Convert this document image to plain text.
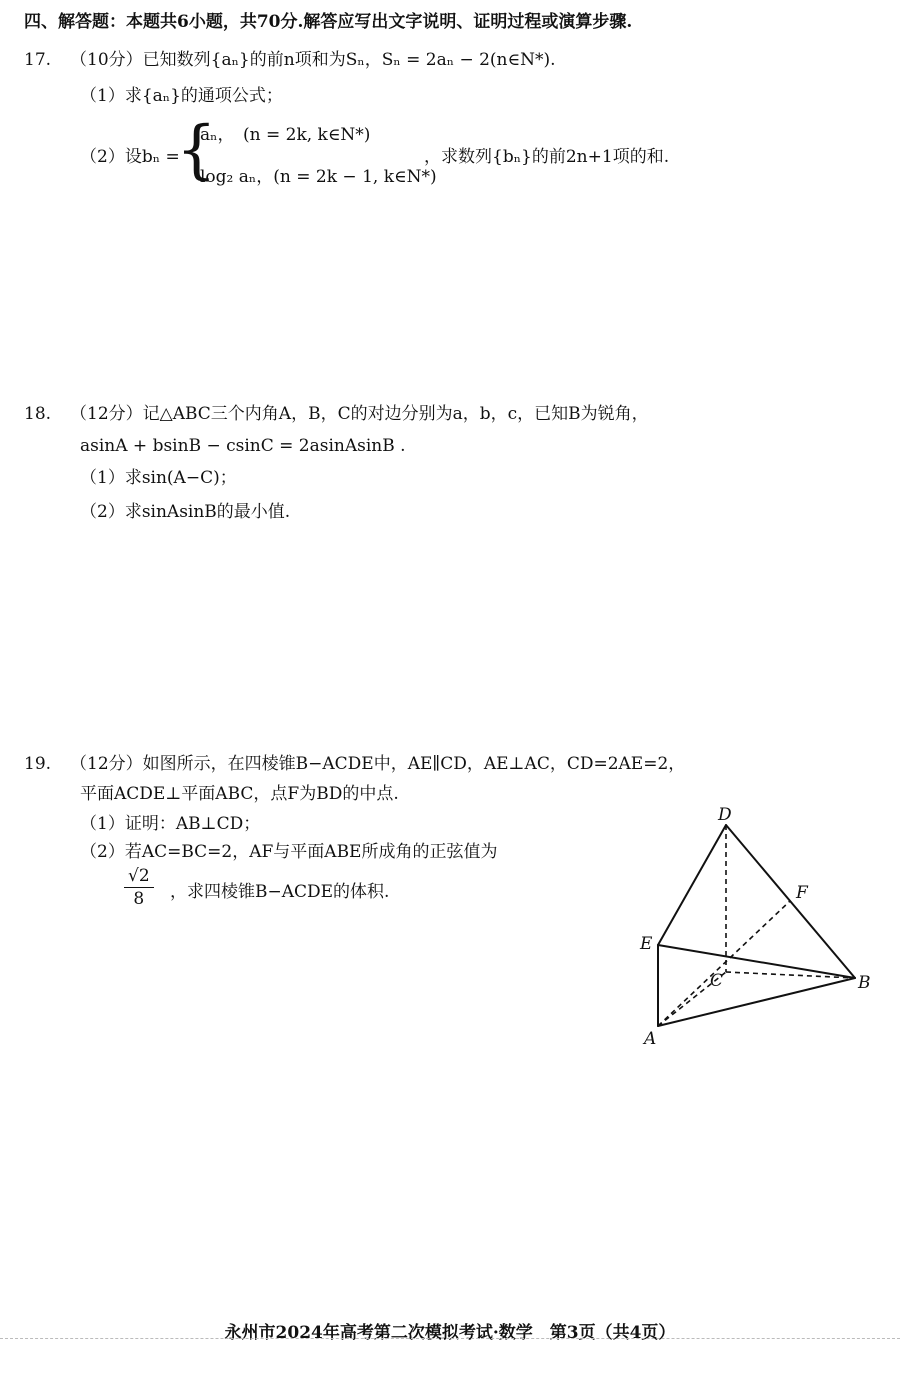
四、解答题：本题共6小题，共70分.解答应写出文字说明、证明过程或演算步骤.
17. （10分）已知数列{aₙ}的前n项和为Sₙ，Sₙ = 2aₙ − 2(n∈N*).
（1）求{aₙ}的通项公式；
（2）设bₙ =
{
aₙ，　(n = 2k, k∈N*)
log₂ aₙ，(n = 2k − 1, k∈N*)
，求数列{bₙ}的前2n+1项的和.
18. （12分）记△ABC三个内角A，B，C的对边分别为a，b，c，已知B为锐角，
asinA + bsinB − csinC = 2asinAsinB .
（1）求sin(A−C)；
（2）求sinAsinB的最小值.
19. （12分）如图所示，在四棱锥B−ACDE中，AE∥CD，AE⊥AC，CD=2AE=2，
平面ACDE⊥平面ABC，点F为BD的中点.
（1）证明：AB⊥CD；
（2）若AC=BC=2，AF与平面ABE所成角的正弦值为
$\frac{√2}{8}$ ，求四棱锥B−ACDE的体积.
D
E
F
C	B
A
永州市2024年高考第二次模拟考试·数学　第3页（共4页）
